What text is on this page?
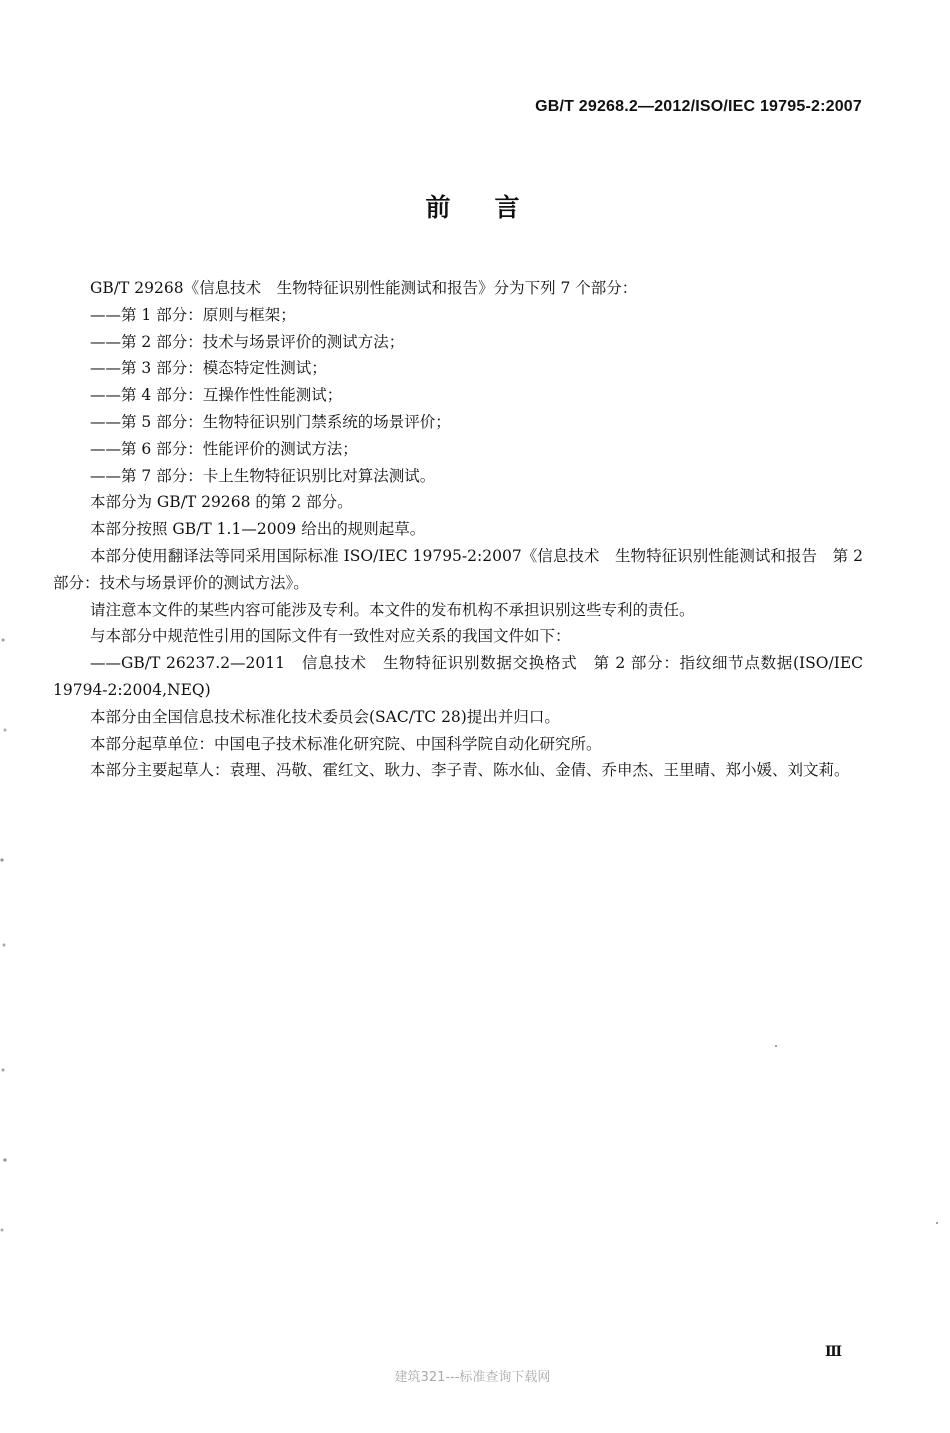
GB/T 29268.2—2012/ISO/IEC 19795-2:2007
前言

GB/T 29268《信息技术　生物特征识别性能测试和报告》分为下列 7 个部分：

——第 1 部分：原则与框架；

——第 2 部分：技术与场景评价的测试方法；

——第 3 部分：模态特定性测试；

——第 4 部分：互操作性性能测试；

——第 5 部分：生物特征识别门禁系统的场景评价；

——第 6 部分：性能评价的测试方法；

——第 7 部分：卡上生物特征识别比对算法测试。

本部分为 GB/T 29268 的第 2 部分。

本部分按照 GB/T 1.1—2009 给出的规则起草。

本部分使用翻译法等同采用国际标准 ISO/IEC 19795-2:2007《信息技术　生物特征识别性能测试和报告　第 2 部分：技术与场景评价的测试方法》。

请注意本文件的某些内容可能涉及专利。本文件的发布机构不承担识别这些专利的责任。

与本部分中规范性引用的国际文件有一致性对应关系的我国文件如下：

——GB/T 26237.2—2011　信息技术　生物特征识别数据交换格式　第 2 部分：指纹细节点数据(ISO/IEC 19794-2:2004,NEQ)

本部分由全国信息技术标准化技术委员会(SAC/TC 28)提出并归口。

本部分起草单位：中国电子技术标准化研究院、中国科学院自动化研究所。

本部分主要起草人：袁理、冯敬、霍红文、耿力、李子青、陈水仙、金倩、乔申杰、王里晴、郑小媛、刘文莉。

Ⅲ
建筑321---标准查询下载网
